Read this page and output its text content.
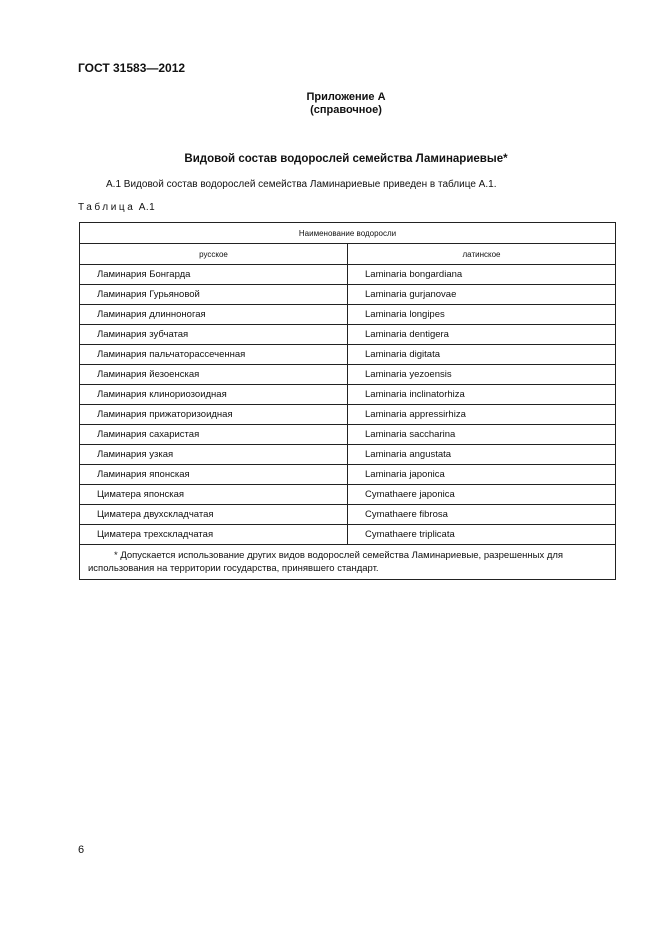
ГОСТ 31583—2012
Приложение А
(справочное)
Видовой состав водорослей семейства Ламинариевые*
А.1 Видовой состав водорослей семейства Ламинариевые приведен в таблице А.1.
Таблица А.1
Наименование водоросли	
русское	латинское
Ламинария Бонгарда	Laminaria bongardiana
Ламинария Гурьяновой	Laminaria gurjanovae
Ламинария длинноногая	Laminaria longipes
Ламинария зубчатая	Laminaria dentigera
Ламинария пальчаторассеченная	Laminaria digitata
Ламинария йезоенская	Laminaria yezoensis
Ламинария клинориозоидная	Laminaria inclinatorhiza
Ламинария прижаторизоидная	Laminaria appressirhiza
Ламинария сахаристая	Laminaria saccharina
Ламинария узкая	Laminaria angustata
Ламинария японская	Laminaria japonica
Циматера японская	Cymathaere japonica
Циматера двухскладчатая	Cymathaere fibrosa
Циматера трехскладчатая	Cymathaere triplicata

* Допускается использование других видов водорослей семейства Ламинариевые, разрешенных для использования на территории государства, принявшего стандарт.	
6
